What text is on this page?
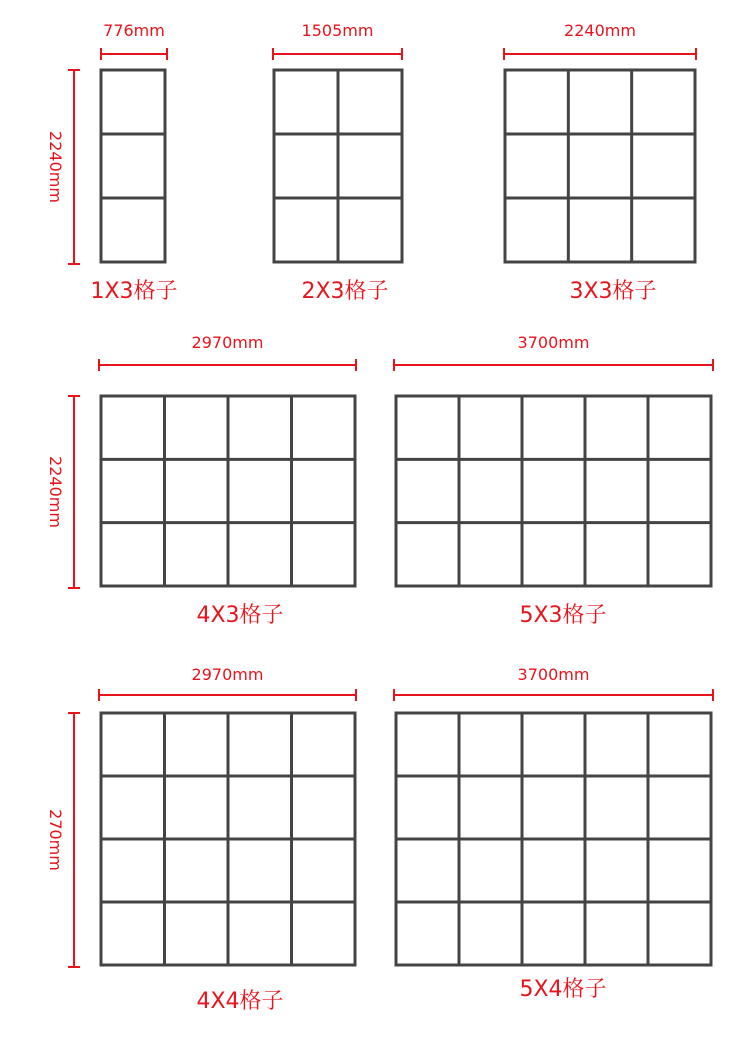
776mm
2240mm
1X3格子
1505mm
2X3格子
2240mm
3X3格子
2970mm
2240mm
4X3格子
3700mm
5X3格子
2970mm
270mm
4X4格子
3700mm
5X4格子
